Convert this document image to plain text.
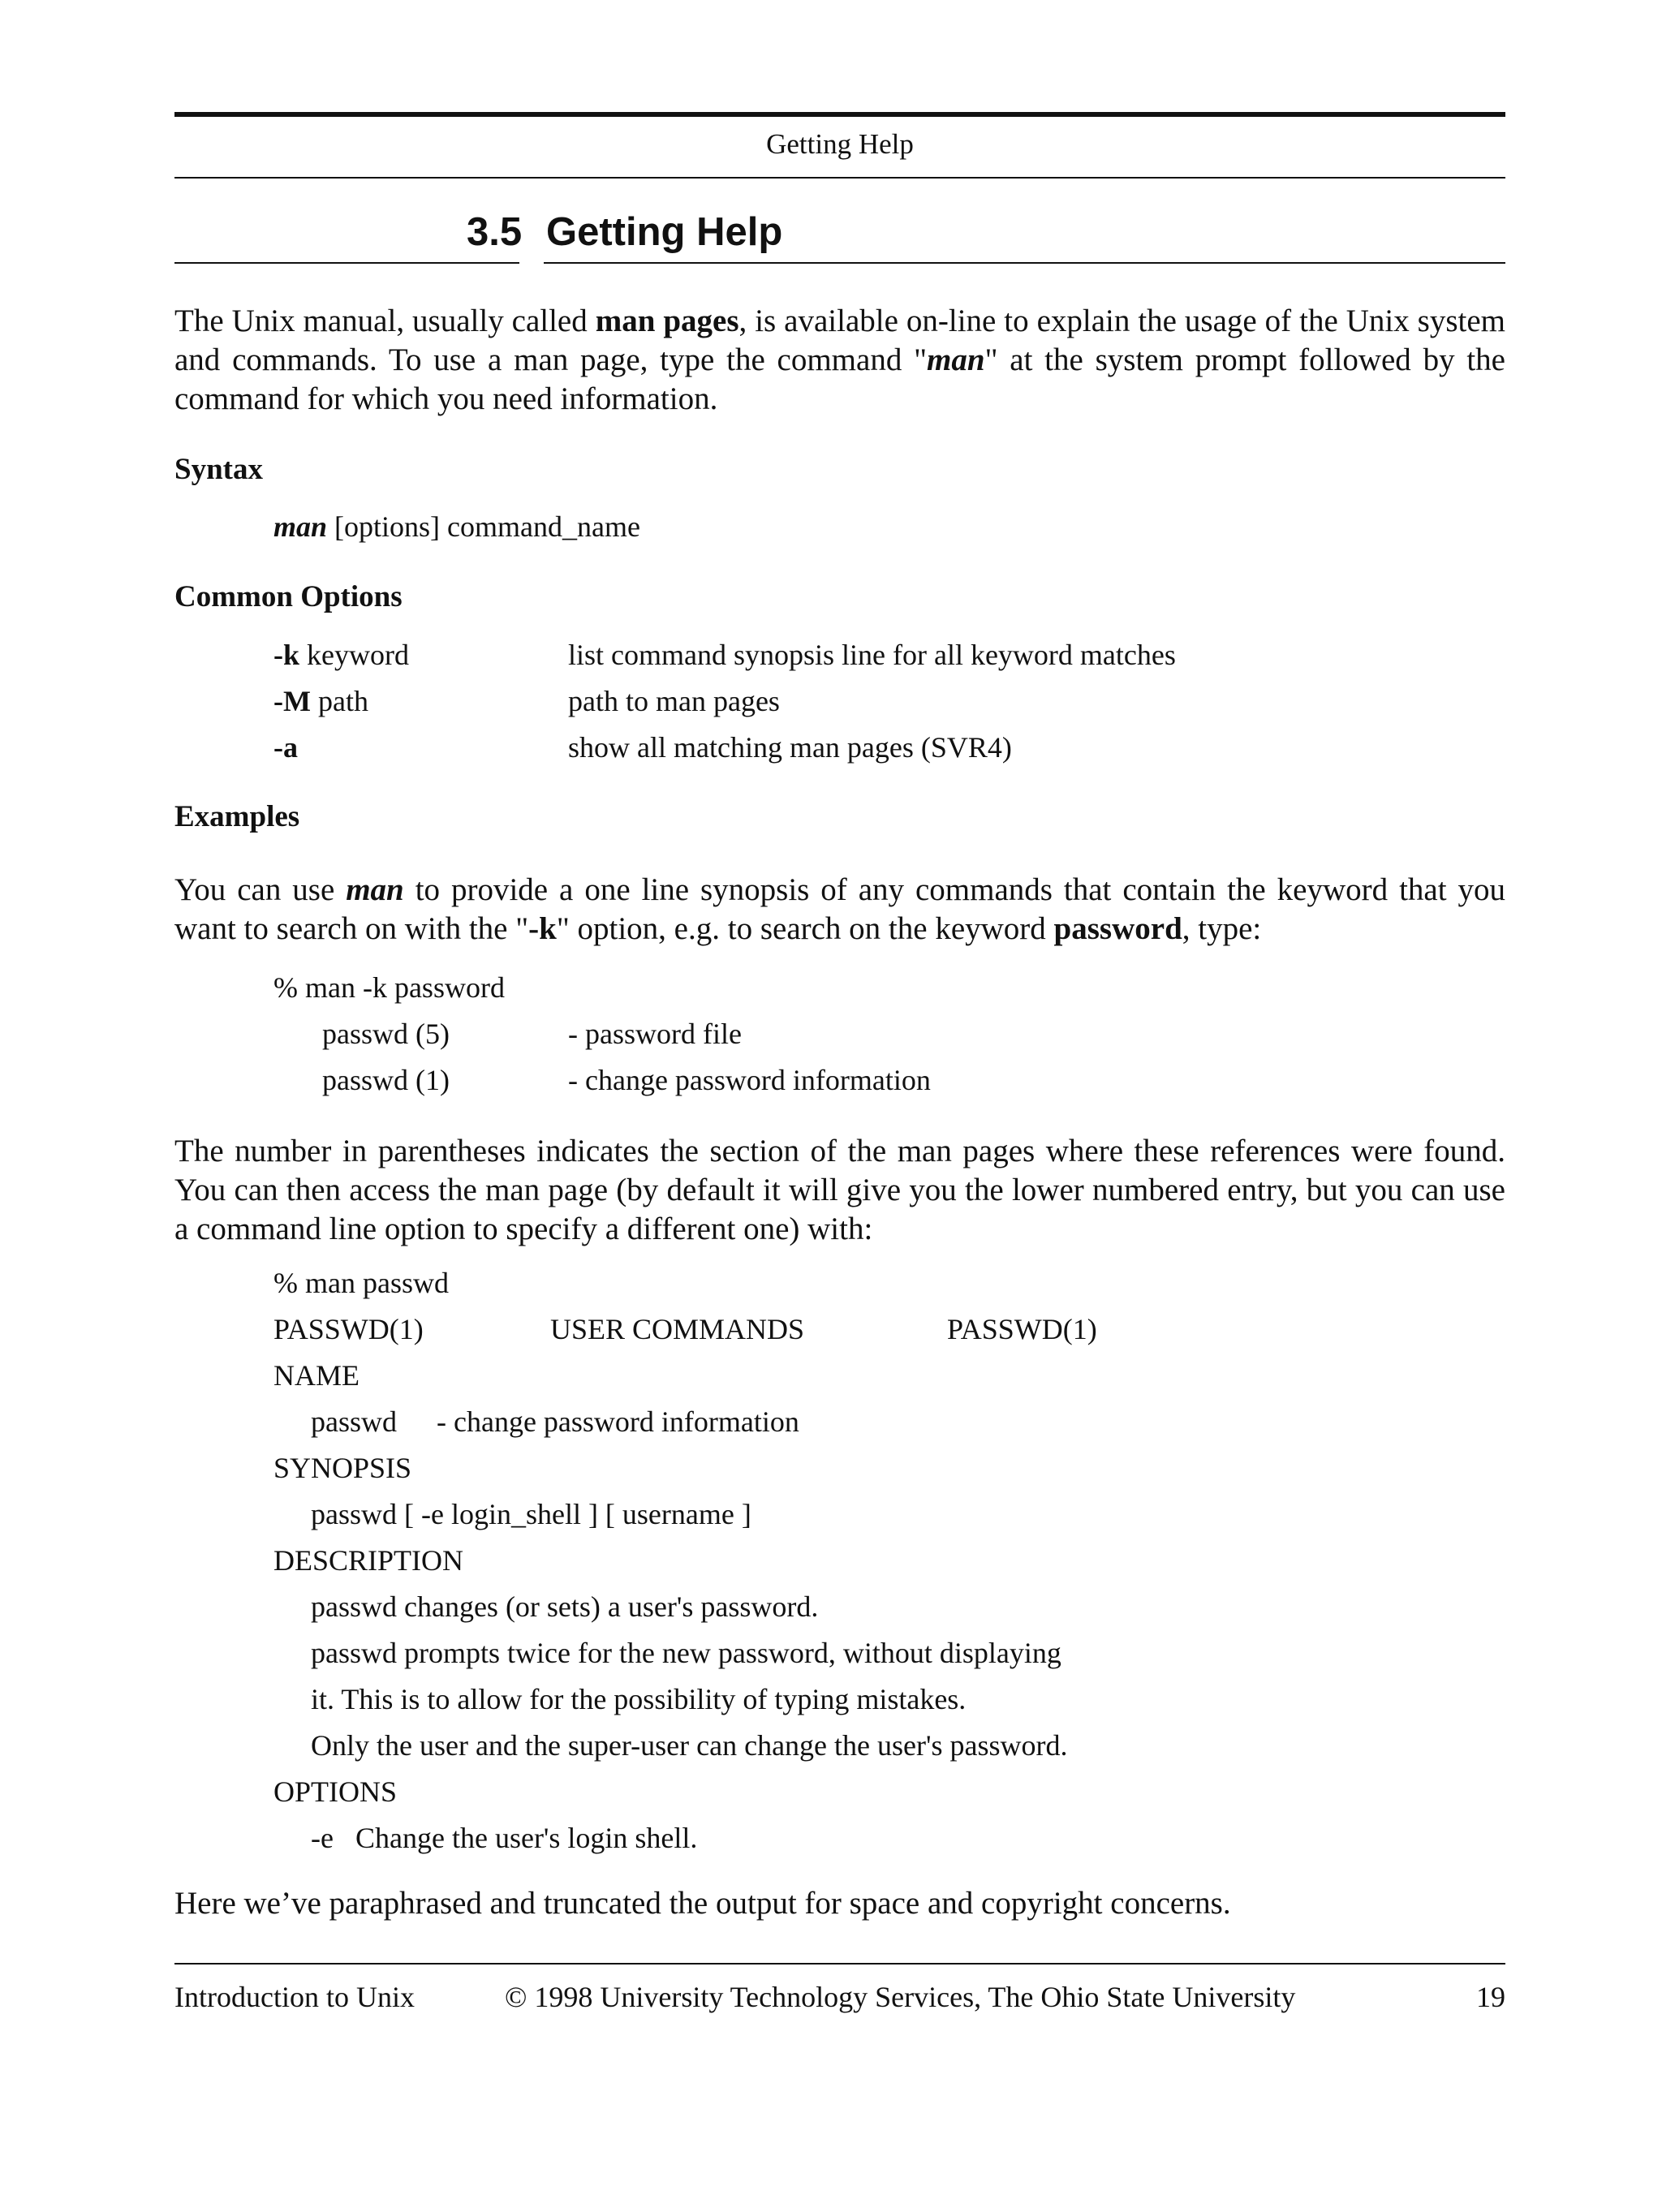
Getting Help
3.5 Getting Help
The Unix manual, usually called man pages, is available on-line to explain the usage of the Unix system and commands. To use a man page, type the command "man" at the system prompt followed by the command for which you need information.
Syntax
man [options] command_name
Common Options
-k keyword	list command synopsis line for all keyword matches
-M path	path to man pages
-a	show all matching man pages (SVR4)
Examples
You can use man to provide a one line synopsis of any commands that contain the keyword that you want to search on with the "-k" option, e.g. to search on the keyword password, type:
% man -k password
passwd (5)	- password file
passwd (1)	- change password information
The number in parentheses indicates the section of the man pages where these references were found. You can then access the man page (by default it will give you the lower numbered entry, but you can use a command line option to specify a different one) with:
% man passwd
PASSWD(1)	USER COMMANDS	PASSWD(1)
NAME
passwd - change password information
SYNOPSIS
passwd [ -e login_shell ] [ username ]
DESCRIPTION
passwd changes (or sets) a user's password.
passwd prompts twice for the new password, without displaying
it. This is to allow for the possibility of typing mistakes.
Only the user and the super-user can change the user's password.
OPTIONS
-e Change the user's login shell.
Here we’ve paraphrased and truncated the output for space and copyright concerns.
Introduction to Unix	© 1998 University Technology Services, The Ohio State University	19
